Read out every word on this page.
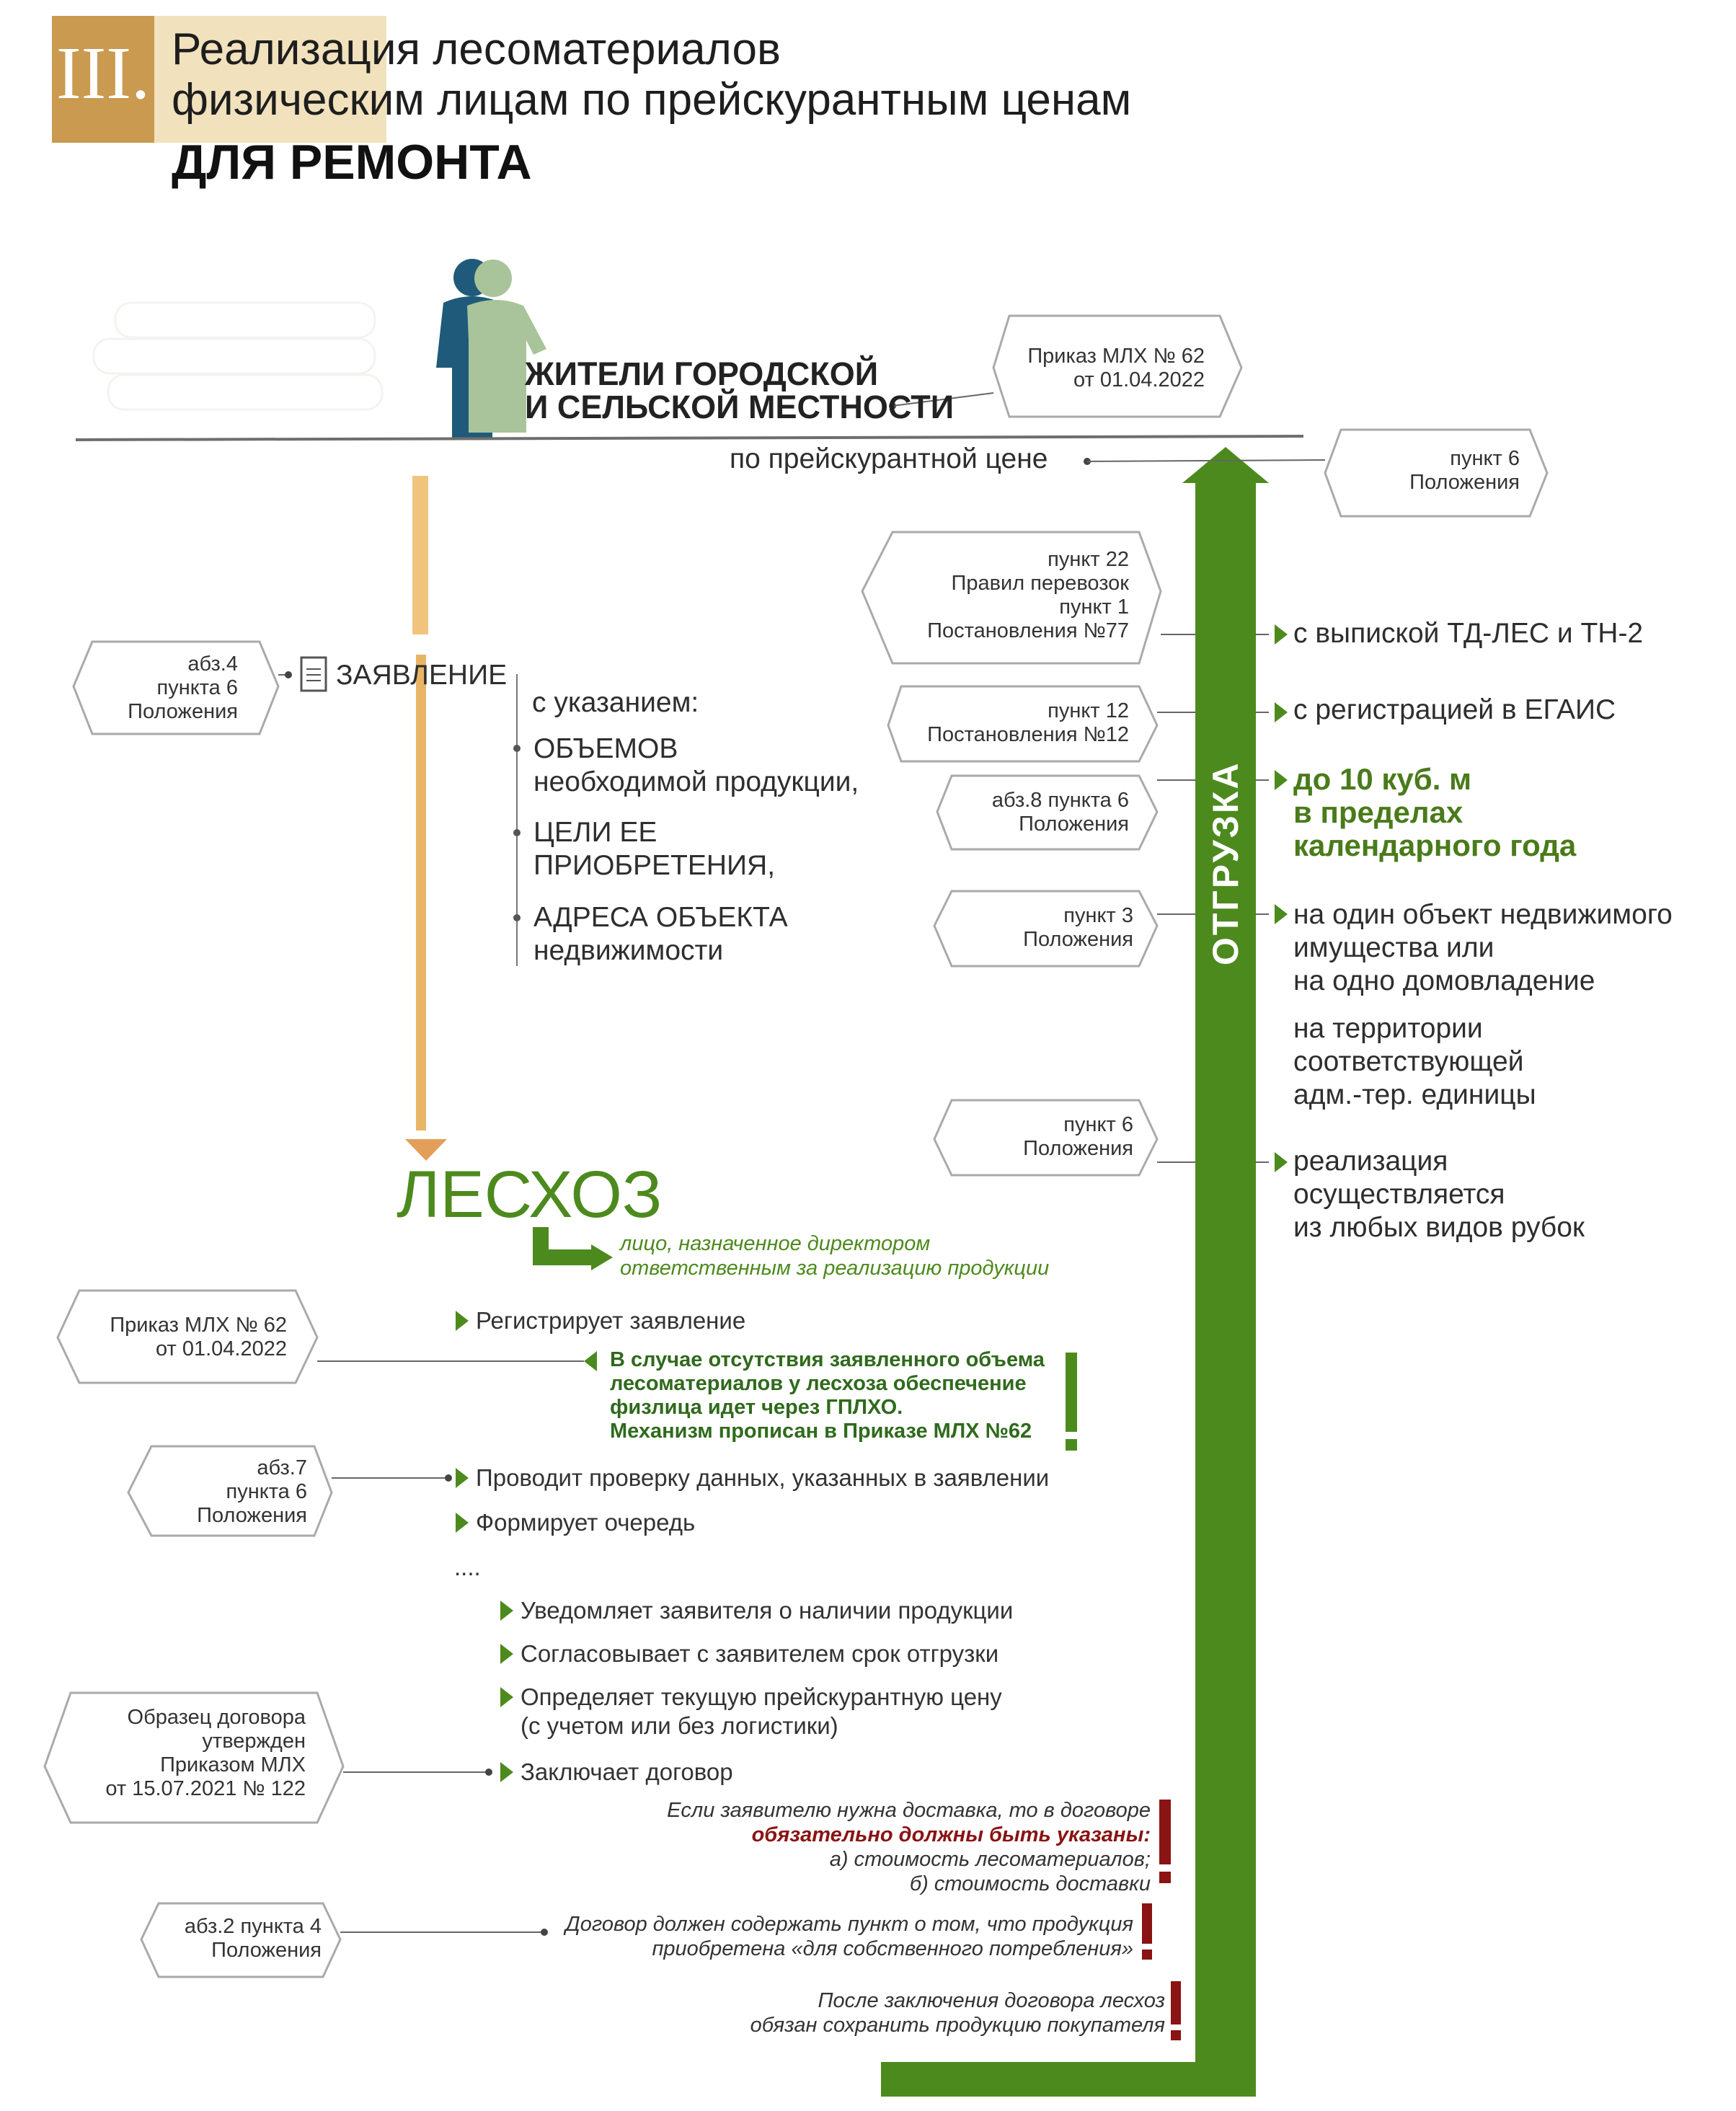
III. Реализация лесоматериалов
физическим лицам по прейскурантным ценам
ДЛЯ РЕМОНТА
ЖИТЕЛИ ГОРОДСКОЙ
И СЕЛЬСКОЙ МЕСТНОСТИ
по прейскурантной цене
Приказ МЛХ № 62
от 01.04.2022
пункт 6
Положения
абз.4
пункта 6
Положения
пункт 22
Правил перевозок
пункт 1
Постановления №77
пункт 12
Постановления №12
абз.8 пункта 6
Положения
пункт 3
Положения
пункт 6
Положения
Приказ МЛХ № 62
от 01.04.2022
абз.7
пункта 6
Положения
Образец договора
утвержден
Приказом МЛХ
от 15.07.2021 № 122
абз.2 пункта 4
Положения
ЗАЯВЛЕНИЕ
с указанием:
ОБЪЕМОВ
необходимой продукции,
ЦЕЛИ ЕЕ
ПРИОБРЕТЕНИЯ,
АДРЕСА ОБЪЕКТА
недвижимости	ОТГРУЗКА
с выпиской ТД-ЛЕС и ТН-2
с регистрацией в ЕГАИС
до 10 куб. м
в пределах
календарного года
на один объект недвижимого
имущества или
на одно домовладение
на территории
соответствующей
адм.-тер. единицы
реализация
осуществляется
из любых видов рубок
ЛЕСХОЗ
лицо, назначенное директором
ответственным за реализацию продукции
Регистрирует заявление
В случае отсутствия заявленного объема
лесоматериалов у лесхоза обеспечение
физлица идет через ГПЛХО.
Механизм прописан в Приказе МЛХ №62
Проводит проверку данных, указанных в заявлении
Формирует очередь
....
Уведомляет заявителя о наличии продукции
Согласовывает с заявителем срок отгрузки
Определяет текущую прейскурантную цену
(с учетом или без логистики)
Заключает договор
Если заявителю нужна доставка, то в договоре
обязательно должны быть указаны:
а) стоимость лесоматериалов;
б) стоимость доставки
Договор должен содержать пункт о том, что продукция
приобретена «для собственного потребления»
После заключения договора лесхоз
обязан сохранить продукцию покупателя
